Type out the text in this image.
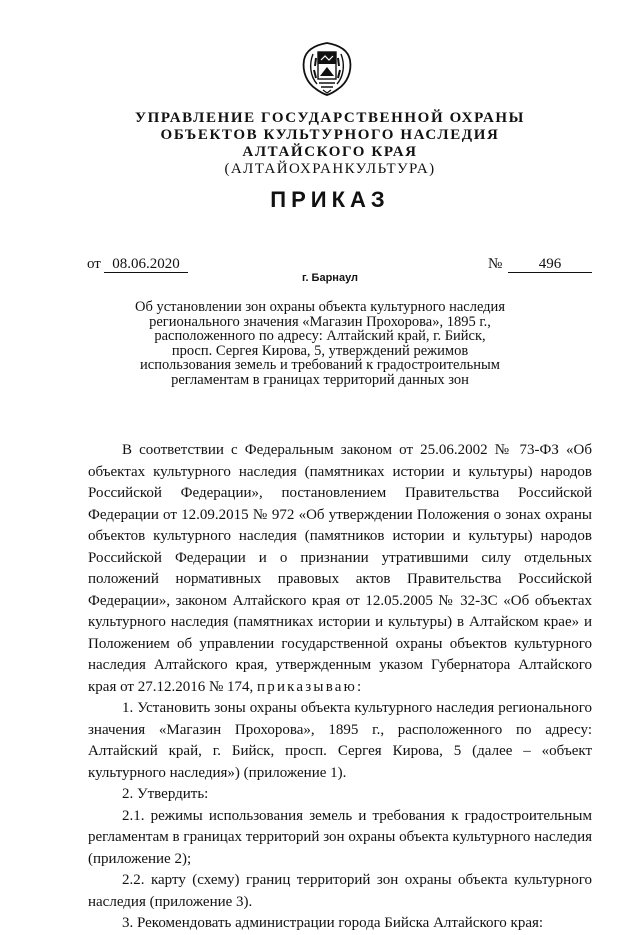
УПРАВЛЕНИЕ ГОСУДАРСТВЕННОЙ ОХРАНЫ
ОБЪЕКТОВ КУЛЬТУРНОГО НАСЛЕДИЯ
АЛТАЙСКОГО КРАЯ
(АЛТАЙОХРАНКУЛЬТУРА)
ПРИКАЗ
от 08.06.2020	№	496
г. Барнаул
Об установлении зон охраны объекта культурного наследия
регионального значения «Магазин Прохорова», 1895 г.,
расположенного по адресу: Алтайский край, г. Бийск,
просп. Сергея Кирова, 5, утверждений режимов
использования земель и требований к градостроительным
регламентам в границах территорий данных зон

В соответствии с Федеральным законом от 25.06.2002 № 73-ФЗ «Об объектах культурного наследия (памятниках истории и культуры) народов Российской Федерации», постановлением Правительства Российской Федерации от 12.09.2015 № 972 «Об утверждении Положения о зонах охраны объектов культурного наследия (памятников истории и культуры) народов Российской Федерации и о признании утратившими силу отдельных положений нормативных правовых актов Правительства Российской Федерации», законом Алтайского края от 12.05.2005 № 32-ЗС «Об объектах культурного наследия (памятниках истории и культуры) в Алтайском крае» и Положением об управлении государственной охраны объектов культурного наследия Алтайского края, утвержденным указом Губернатора Алтайского края от 27.12.2016 № 174, приказываю:

1. Установить зоны охраны объекта культурного наследия регионального значения «Магазин Прохорова», 1895 г., расположенного по адресу: Алтайский край, г. Бийск, просп. Сергея Кирова, 5 (далее – «объект культурного наследия») (приложение 1).

2. Утвердить:

2.1. режимы использования земель и требования к градостроительным регламентам в границах территорий зон охраны объекта культурного наследия (приложение 2);

2.2. карту (схему) границ территорий зон охраны объекта культурного наследия (приложение 3).

3. Рекомендовать администрации города Бийска Алтайского края:
